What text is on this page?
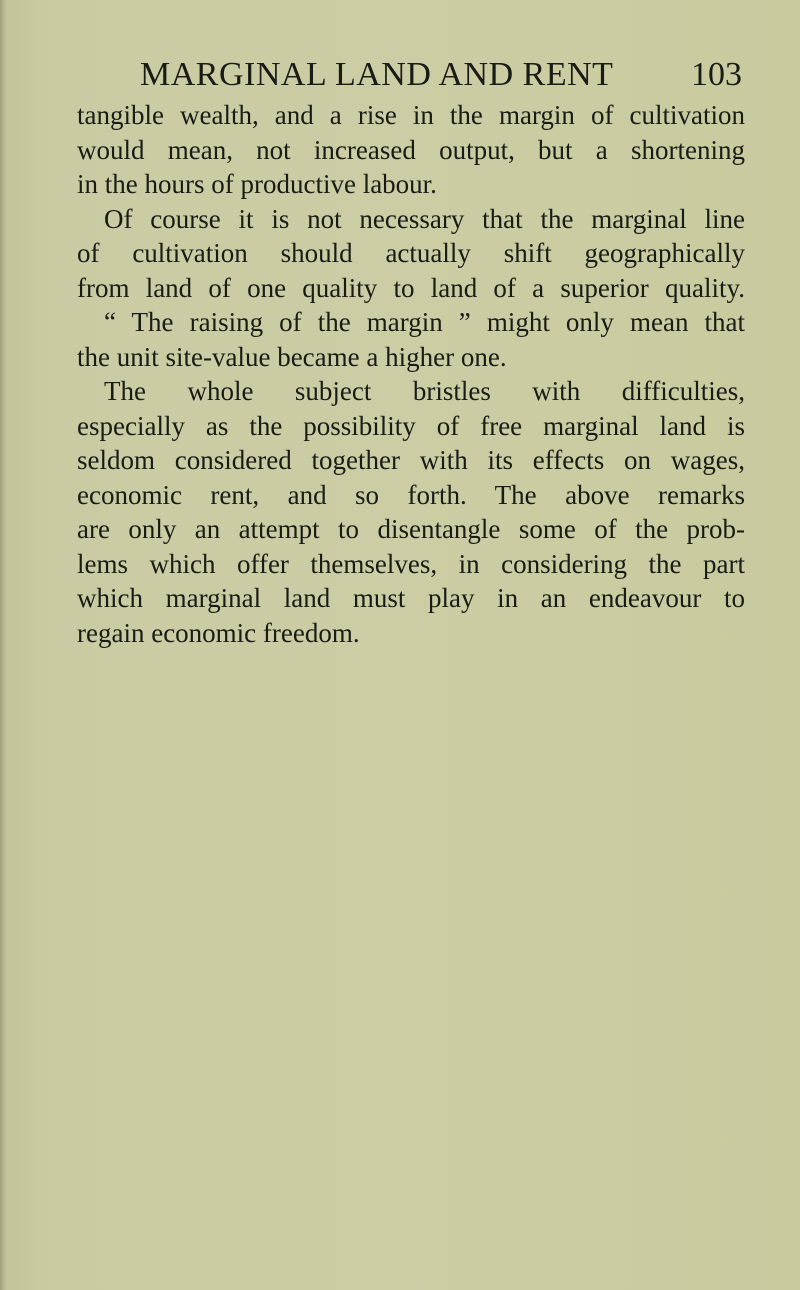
MARGINAL LAND AND RENT 103
tangible wealth, and a rise in the margin of cultivation
would mean, not increased output, but a shortening
in the hours of productive labour.
Of course it is not necessary that the marginal line
of cultivation should actually shift geographically
from land of one quality to land of a superior quality.
“ The raising of the margin ” might only mean that
the unit site-value became a higher one.
The whole subject bristles with difficulties,
especially as the possibility of free marginal land is
seldom considered together with its effects on wages,
economic rent, and so forth. The above remarks
are only an attempt to disentangle some of the prob-
lems which offer themselves, in considering the part
which marginal land must play in an endeavour to
regain economic freedom.
